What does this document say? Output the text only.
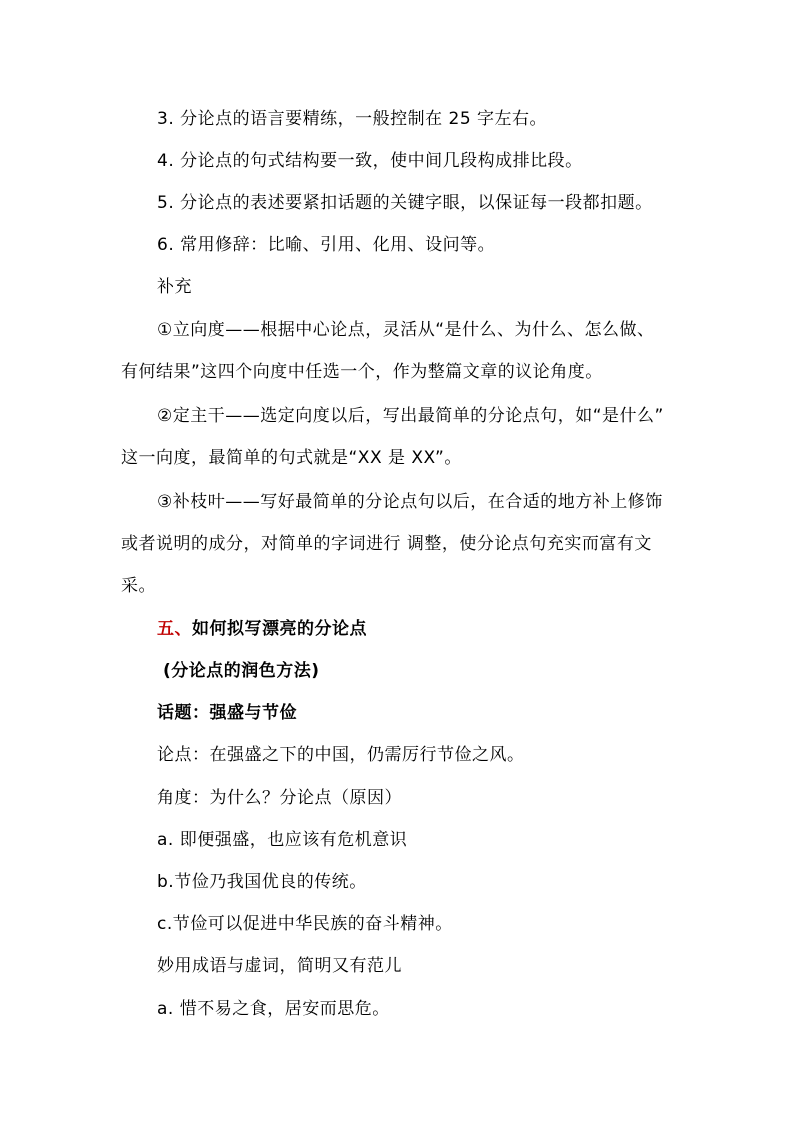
3. 分论点的语言要精练，一般控制在 25 字左右。
4. 分论点的句式结构要一致，使中间几段构成排比段。
5. 分论点的表述要紧扣话题的关键字眼，以保证每一段都扣题。
6. 常用修辞：比喻、引用、化用、设问等。
补充
①立向度——根据中心论点，灵活从“是什么、为什么、怎么做、
有何结果”这四个向度中任选一个，作为整篇文章的议论角度。
②定主干——选定向度以后，写出最简单的分论点句，如“是什么”
这一向度，最简单的句式就是“XX 是 XX”。
③补枝叶——写好最简单的分论点句以后，在合适的地方补上修饰
或者说明的成分，对简单的字词进行 调整，使分论点句充实而富有文
采。
五、如何拟写漂亮的分论点
(分论点的润色方法)
话题：强盛与节俭
论点：在强盛之下的中国，仍需厉行节俭之风。
角度：为什么？分论点（原因）
a. 即便强盛，也应该有危机意识
b.节俭乃我国优良的传统。
c.节俭可以促进中华民族的奋斗精神。
妙用成语与虚词，简明又有范儿
a. 惜不易之食，居安而思危。
